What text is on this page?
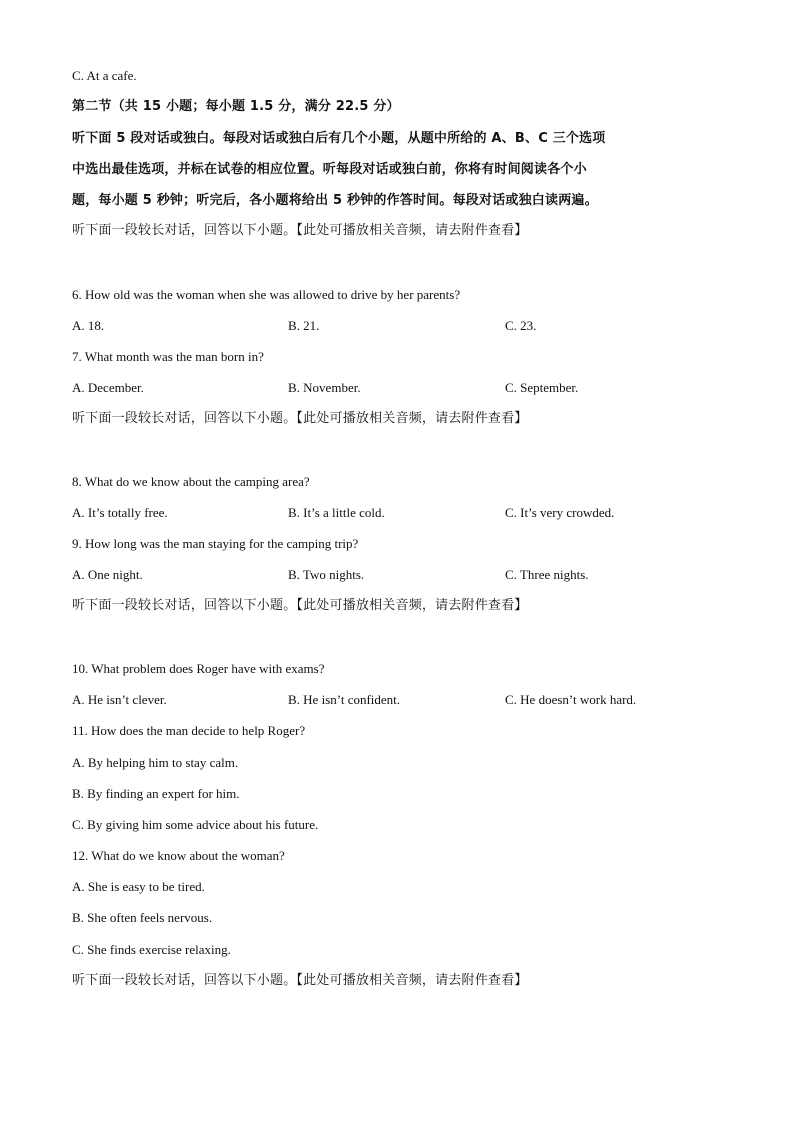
C. At a cafe.
第二节（共 15 小题；每小题 1.5 分，满分 22.5 分）
听下面 5 段对话或独白。每段对话或独白后有几个小题，从题中所给的 A、B、C 三个选项
中选出最佳选项，并标在试卷的相应位置。听每段对话或独白前，你将有时间阅读各个小
题，每小题 5 秒钟；听完后，各小题将给出 5 秒钟的作答时间。每段对话或独白读两遍。
听下面一段较长对话，回答以下小题。【此处可播放相关音频，请去附件查看】
6. How old was the woman when she was allowed to drive by her parents?
A. 18.	B. 21.	C. 23.
7. What month was the man born in?
A. December.	B. November.	C. September.
听下面一段较长对话，回答以下小题。【此处可播放相关音频，请去附件查看】
8. What do we know about the camping area?
A. It’s totally free.	B. It’s a little cold.	C. It’s very crowded.
9. How long was the man staying for the camping trip?
A. One night.	B. Two nights.	C. Three nights.
听下面一段较长对话，回答以下小题。【此处可播放相关音频，请去附件查看】
10. What problem does Roger have with exams?
A. He isn’t clever.	B. He isn’t confident.	C. He doesn’t work hard.
11. How does the man decide to help Roger?
A. By helping him to stay calm.
B. By finding an expert for him.
C. By giving him some advice about his future.
12. What do we know about the woman?
A. She is easy to be tired.
B. She often feels nervous.
C. She finds exercise relaxing.
听下面一段较长对话，回答以下小题。【此处可播放相关音频，请去附件查看】
